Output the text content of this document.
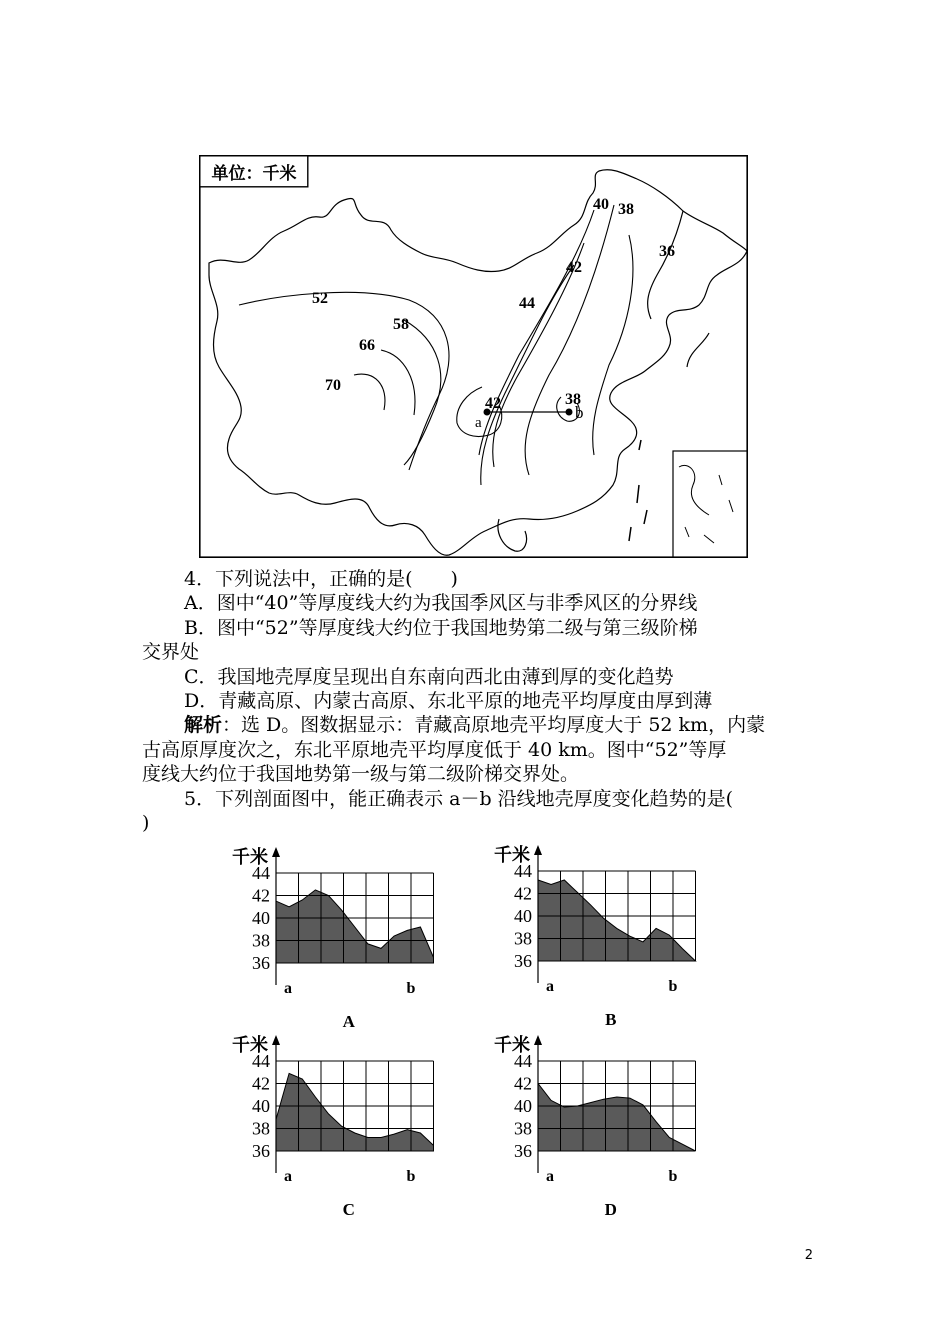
单位：千米
a
b
40 38
36
42
52	44
58
66
70
42	38

4．下列说法中，正确的是(　　)

A．图中“40”等厚度线大约为我国季风区与非季风区的分界线

B．图中“52”等厚度线大约位于我国地势第二级与第三级阶梯

交界处

C．我国地壳厚度呈现出自东南向西北由薄到厚的变化趋势

D．青藏高原、内蒙古高原、东北平原的地壳平均厚度由厚到薄

解析：选 D。图数据显示：青藏高原地壳平均厚度大于 52 km，内蒙

古高原厚度次之，东北平原地壳平均厚度低于 40 km。图中“52”等厚

度线大约位于我国地势第一级与第二级阶梯交界处。

5．下列剖面图中，能正确表示 a－b 沿线地壳厚度变化趋势的是(

)

千米
44
42
40
38
36
a	b
A
千米
44
42
40
38
36
a	b
B
千米
44
42
40
38
36
a	b
C
千米
44
42
40
38
36
a	b
D
2
